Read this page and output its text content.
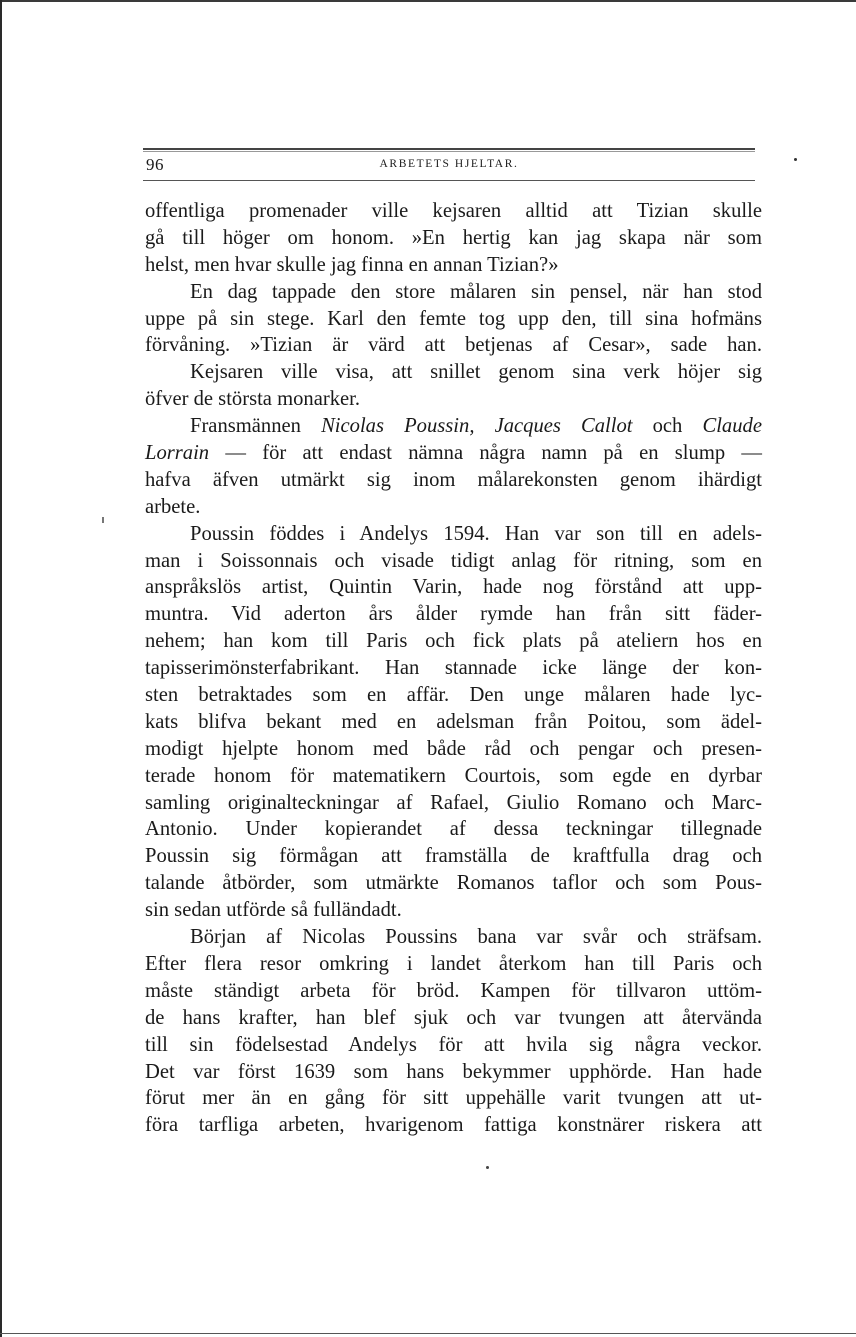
96	ARBETETS HJELTAR.
offentliga promenader ville kejsaren alltid att Tizian skulle
gå till höger om honom. »En hertig kan jag skapa när som
helst, men hvar skulle jag finna en annan Tizian?»
En dag tappade den store målaren sin pensel, när han stod
uppe på sin stege. Karl den femte tog upp den, till sina hofmäns
förvåning. »Tizian är värd att betjenas af Cesar», sade han.
Kejsaren ville visa, att snillet genom sina verk höjer sig
öfver de största monarker.
Fransmännen Nicolas Poussin, Jacques Callot och Claude
Lorrain — för att endast nämna några namn på en slump —
hafva äfven utmärkt sig inom målarekonsten genom ihärdigt
arbete.
Poussin föddes i Andelys 1594. Han var son till en adels-
man i Soissonnais och visade tidigt anlag för ritning, som en
anspråkslös artist, Quintin Varin, hade nog förstånd att upp-
muntra. Vid aderton års ålder rymde han från sitt fäder-
nehem; han kom till Paris och fick plats på ateliern hos en
tapisserimönsterfabrikant. Han stannade icke länge der kon-
sten betraktades som en affär. Den unge målaren hade lyc-
kats blifva bekant med en adelsman från Poitou, som ädel-
modigt hjelpte honom med både råd och pengar och presen-
terade honom för matematikern Courtois, som egde en dyrbar
samling originalteckningar af Rafael, Giulio Romano och Marc-
Antonio. Under kopierandet af dessa teckningar tillegnade
Poussin sig förmågan att framställa de kraftfulla drag och
talande åtbörder, som utmärkte Romanos taflor och som Pous-
sin sedan utförde så fulländadt.
Början af Nicolas Poussins bana var svår och sträfsam.
Efter flera resor omkring i landet återkom han till Paris och
måste ständigt arbeta för bröd. Kampen för tillvaron uttöm-
de hans krafter, han blef sjuk och var tvungen att återvända
till sin födelsestad Andelys för att hvila sig några veckor.
Det var först 1639 som hans bekymmer upphörde. Han hade
förut mer än en gång för sitt uppehälle varit tvungen att ut-
föra tarfliga arbeten, hvarigenom fattiga konstnärer riskera att
